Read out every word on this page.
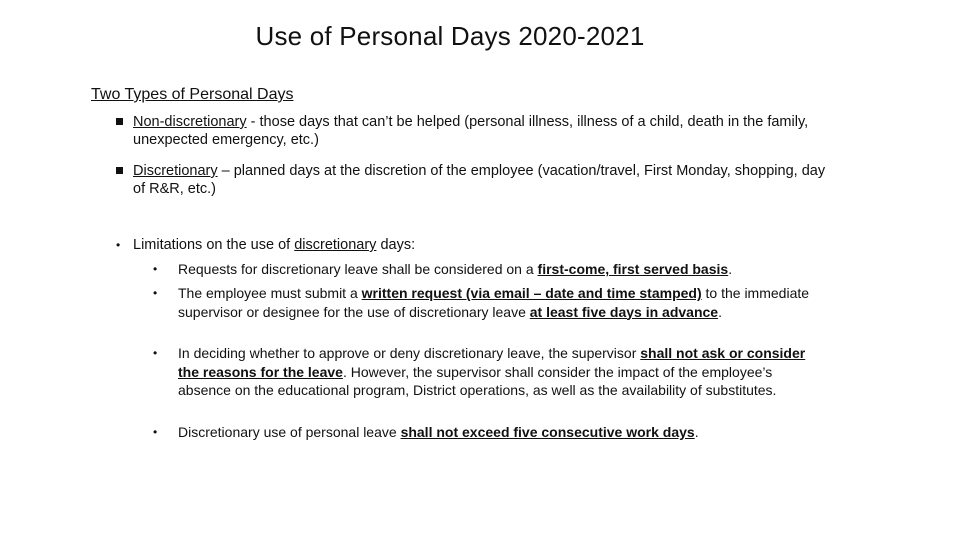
Use of Personal Days 2020-2021
Two Types of Personal Days
Non-discretionary - those days that can’t be helped (personal illness, illness of a child, death in the family, unexpected emergency, etc.)
Discretionary – planned days at the discretion of the employee (vacation/travel, First Monday, shopping, day of R&R, etc.)
• Limitations on the use of discretionary days:
• Requests for discretionary leave shall be considered on a first-come, first served basis.
• The employee must submit a written request (via email – date and time stamped) to the immediate supervisor or designee for the use of discretionary leave at least five days in advance.
• In deciding whether to approve or deny discretionary leave, the supervisor shall not ask or consider the reasons for the leave. However, the supervisor shall consider the impact of the employee’s absence on the educational program, District operations, as well as the availability of substitutes.
• Discretionary use of personal leave shall not exceed five consecutive work days.
